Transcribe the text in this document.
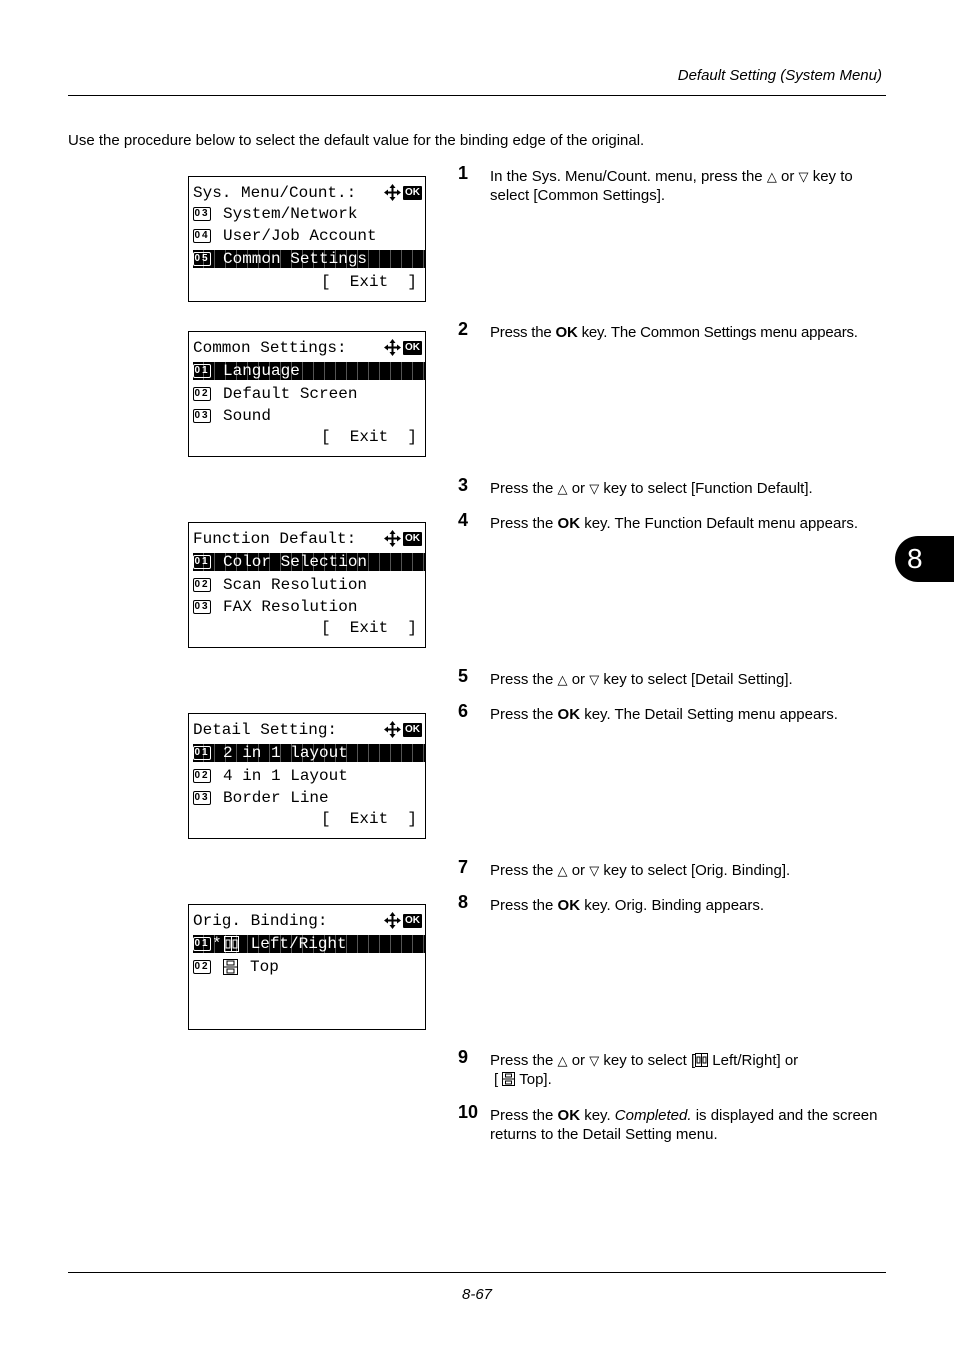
Default Setting (System Menu)
Use the procedure below to select the default value for the binding edge of the original.
8
Sys. Menu/Count.:	OK
03 System/Network
04 User/Job Account
05 Common Settings
[  Exit  ]
Common Settings:	OK
01 Language
02 Default Screen
03 Sound
[  Exit  ]
Function Default:	OK
01 Color Selection
02 Scan Resolution
03 FAX Resolution
[  Exit  ]
Detail Setting:	OK
01 2 in 1 layout
02 4 in 1 Layout
03 Border Line
[  Exit  ]
Orig. Binding:	OK
01 * Left/Right
02	Top
1 In the Sys. Menu/Count. menu, press the △ or ▽ key to select [Common Settings].
2 Press the OK key. The Common Settings menu appears.
3 Press the △ or ▽ key to select [Function Default].
4 Press the OK key. The Function Default menu appears.
5 Press the △ or ▽ key to select [Detail Setting].
6 Press the OK key. The Detail Setting menu appears.
7 Press the △ or ▽ key to select [Orig. Binding].
8 Press the OK key. Orig. Binding appears.
9 Press the △ or ▽ key to select [ Left/Right] or
[ Top].
10 Press the OK key. Completed. is displayed and the screen returns to the Detail Setting menu.
8-67
